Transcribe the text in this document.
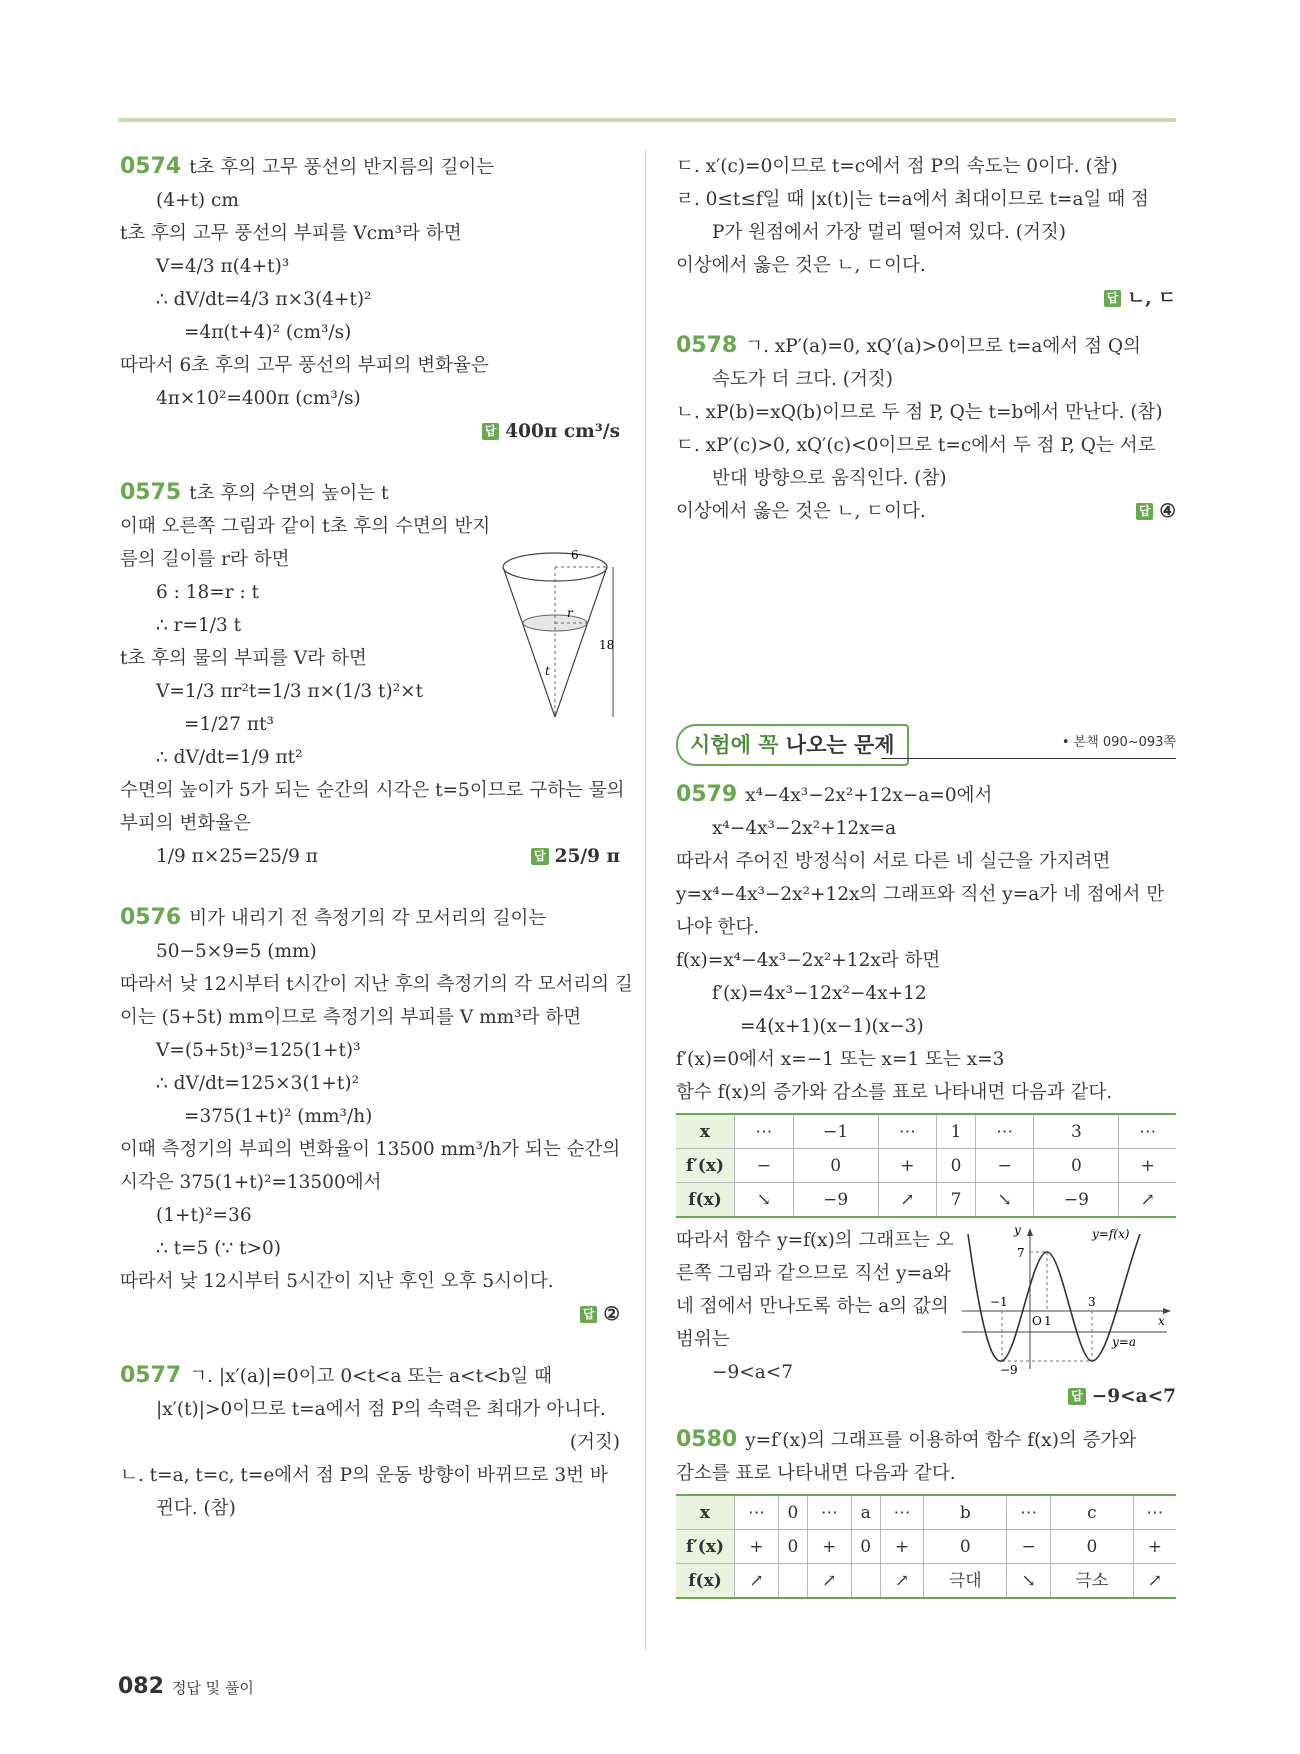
0574 t초 후의 고무 풍선의 반지름의 길이는
(4+t) cm
t초 후의 고무 풍선의 부피를 Vcm³라 하면
V=4/3 π(4+t)³
∴ dV/dt=4/3 π×3(4+t)²
=4π(t+4)² (cm³/s)
따라서 6초 후의 고무 풍선의 부피의 변화율은
4π×10²=400π (cm³/s)
답 400π cm³/s
0575 t초 후의 수면의 높이는 t
이때 오른쪽 그림과 같이 t초 후의 수면의 반지
름의 길이를 r라 하면
6 : 18=r : t
∴ r=1/3 t
t초 후의 물의 부피를 V라 하면
V=1/3 πr²t=1/3 π×(1/3 t)²×t
=1/27 πt³
∴ dV/dt=1/9 πt²
수면의 높이가 5가 되는 순간의 시각은 t=5이므로 구하는 물의
부피의 변화율은
1/9 π×25=25/9 π	답 25/9 π
0576 비가 내리기 전 측정기의 각 모서리의 길이는
50−5×9=5 (mm)
따라서 낮 12시부터 t시간이 지난 후의 측정기의 각 모서리의 길
이는 (5+5t) mm이므로 측정기의 부피를 V mm³라 하면
V=(5+5t)³=125(1+t)³
∴ dV/dt=125×3(1+t)²
=375(1+t)² (mm³/h)
이때 측정기의 부피의 변화율이 13500 mm³/h가 되는 순간의
시각은 375(1+t)²=13500에서
(1+t)²=36
∴ t=5 (∵ t>0)
따라서 낮 12시부터 5시간이 지난 후인 오후 5시이다.
답 ②
0577 ㄱ. |x′(a)|=0이고 0<t<a 또는 a<t<b일 때
|x′(t)|>0이므로 t=a에서 점 P의 속력은 최대가 아니다.
(거짓)
ㄴ. t=a, t=c, t=e에서 점 P의 운동 방향이 바뀌므로 3번 바
뀐다. (참)
6
r
t
18
ㄷ. x′(c)=0이므로 t=c에서 점 P의 속도는 0이다. (참)
ㄹ. 0≤t≤f일 때 |x(t)|는 t=a에서 최대이므로 t=a일 때 점
P가 원점에서 가장 멀리 떨어져 있다. (거짓)
이상에서 옳은 것은 ㄴ, ㄷ이다.
답 ㄴ, ㄷ
0578 ㄱ. xP′(a)=0, xQ′(a)>0이므로 t=a에서 점 Q의
속도가 더 크다. (거짓)
ㄴ. xP(b)=xQ(b)이므로 두 점 P, Q는 t=b에서 만난다. (참)
ㄷ. xP′(c)>0, xQ′(c)<0이므로 t=c에서 두 점 P, Q는 서로
반대 방향으로 움직인다. (참)
이상에서 옳은 것은 ㄴ, ㄷ이다.	답 ④
시험에 꼭 나오는 문제	• 본책 090~093쪽
0579 x⁴−4x³−2x²+12x−a=0에서
x⁴−4x³−2x²+12x=a
따라서 주어진 방정식이 서로 다른 네 실근을 가지려면
y=x⁴−4x³−2x²+12x의 그래프와 직선 y=a가 네 점에서 만
나야 한다.
f(x)=x⁴−4x³−2x²+12x라 하면
f′(x)=4x³−12x²−4x+12
=4(x+1)(x−1)(x−3)
f′(x)=0에서 x=−1 또는 x=1 또는 x=3
함수 f(x)의 증가와 감소를 표로 나타내면 다음과 같다.
x	⋯	−1	⋯	1	⋯	3	⋯
f′(x)	−	0	+	0	−	0	+
f(x)	↘	−9	↗	7	↘	−9	↗
따라서 함수 y=f(x)의 그래프는 오
른쪽 그림과 같으므로 직선 y=a와
네 점에서 만나도록 하는 a의 값의
범위는
−9<a<7
y	y=f(x)
7
−1
O 1
3
x
y=a
−9
답 −9<a<7
0580 y=f′(x)의 그래프를 이용하여 함수 f(x)의 증가와
감소를 표로 나타내면 다음과 같다.
x	⋯	0	⋯	a	⋯	b	⋯	c	⋯
f′(x)	+	0	+	0	+	0	−	0	+
f(x)	↗		↗		↗	극대	↘	극소	↗
082 정답 및 풀이
